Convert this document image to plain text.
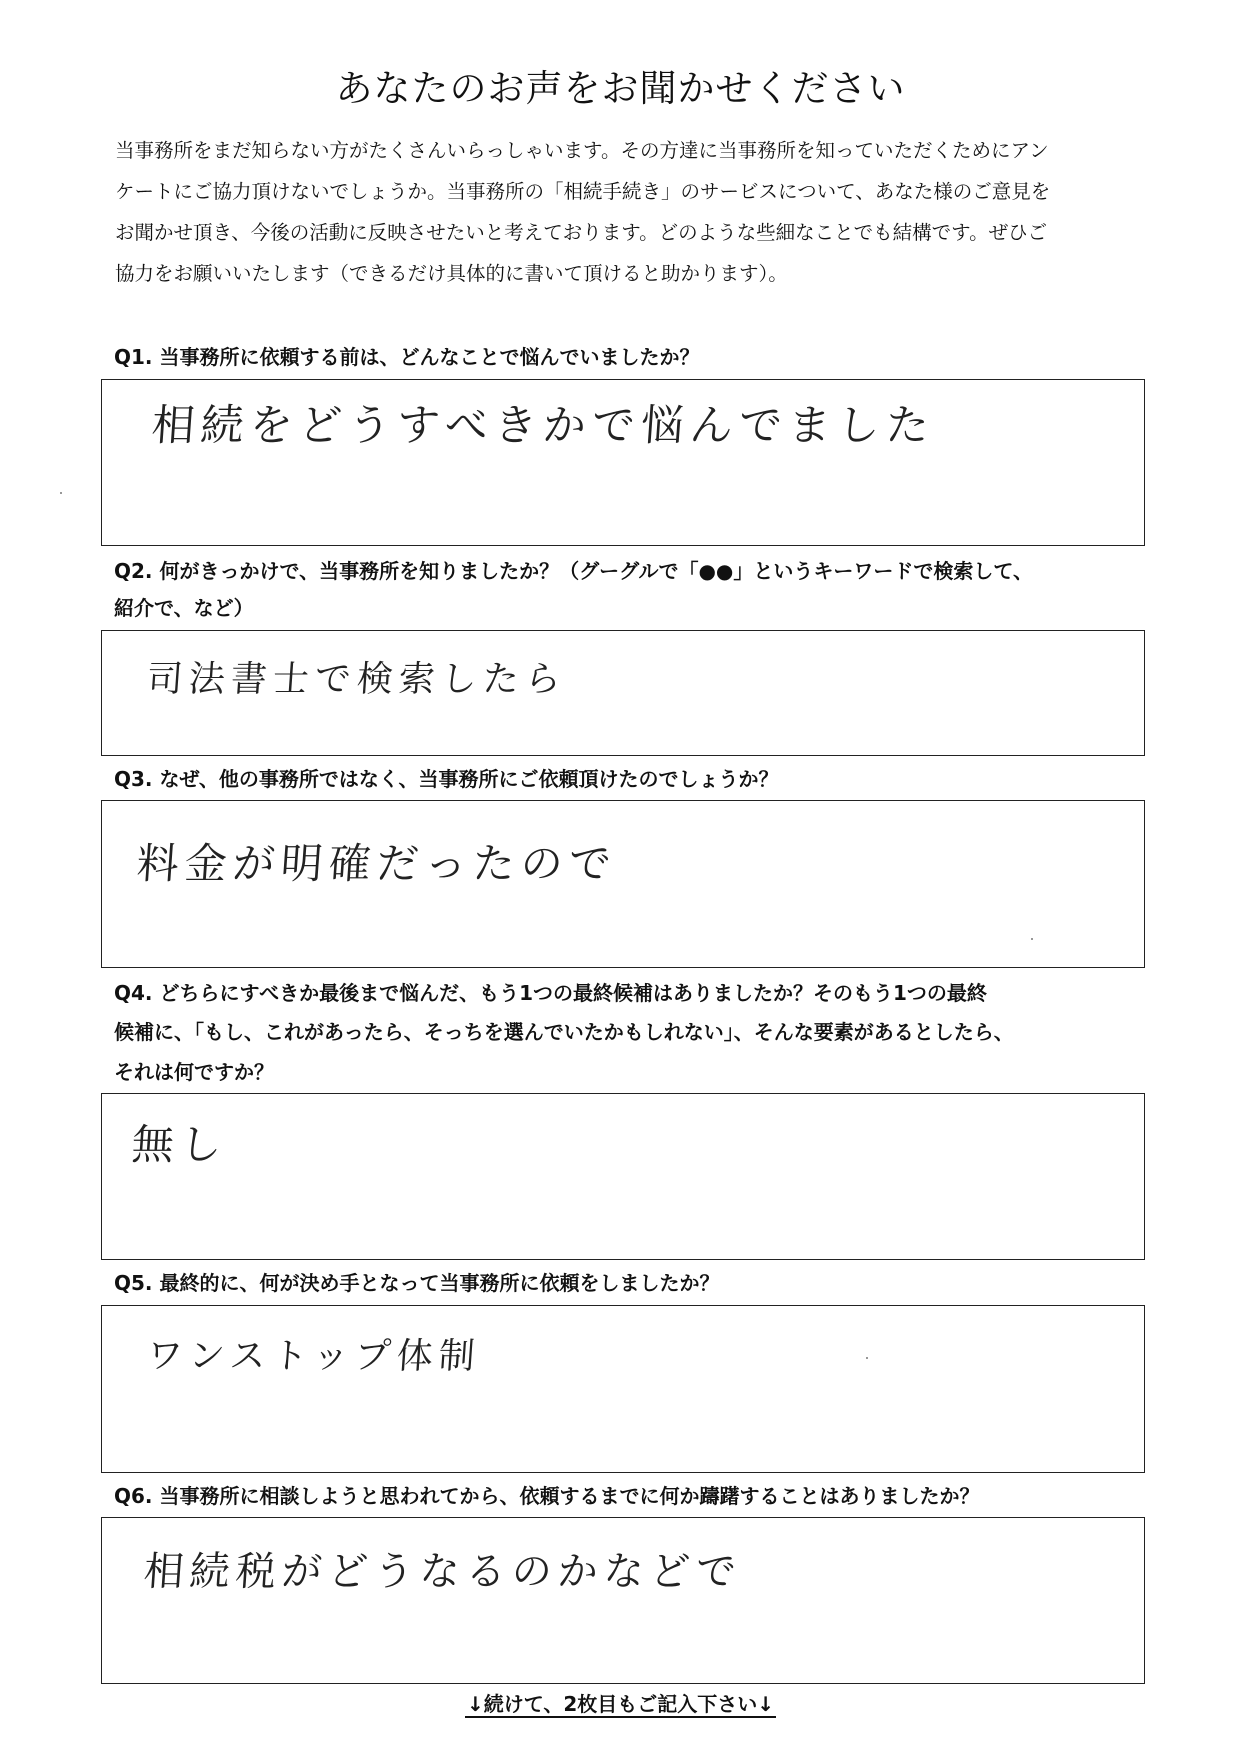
あなたのお声をお聞かせください
当事務所をまだ知らない方がたくさんいらっしゃいます。その方達に当事務所を知っていただくためにアン
ケートにご協力頂けないでしょうか。当事務所の「相続手続き」のサービスについて、あなた様のご意見を
お聞かせ頂き、今後の活動に反映させたいと考えております。どのような些細なことでも結構です。ぜひご
協力をお願いいたします（できるだけ具体的に書いて頂けると助かります）。
Q1. 当事務所に依頼する前は、どんなことで悩んでいましたか？
相続をどうすべきかで悩んでました
Q2. 何がきっかけで、当事務所を知りましたか？（グーグルで「●●」というキーワードで検索して、
紹介で、など）
司法書士で検索したら
Q3. なぜ、他の事務所ではなく、当事務所にご依頼頂けたのでしょうか？
料金が明確だったので
Q4. どちらにすべきか最後まで悩んだ、もう1つの最終候補はありましたか？そのもう1つの最終
候補に、「もし、これがあったら、そっちを選んでいたかもしれない」、そんな要素があるとしたら、
それは何ですか？
無し
Q5. 最終的に、何が決め手となって当事務所に依頼をしましたか？
ワンストップ体制
Q6. 当事務所に相談しようと思われてから、依頼するまでに何か躊躇することはありましたか？
相続税がどうなるのかなどで
↓続けて、2枚目もご記入下さい↓
